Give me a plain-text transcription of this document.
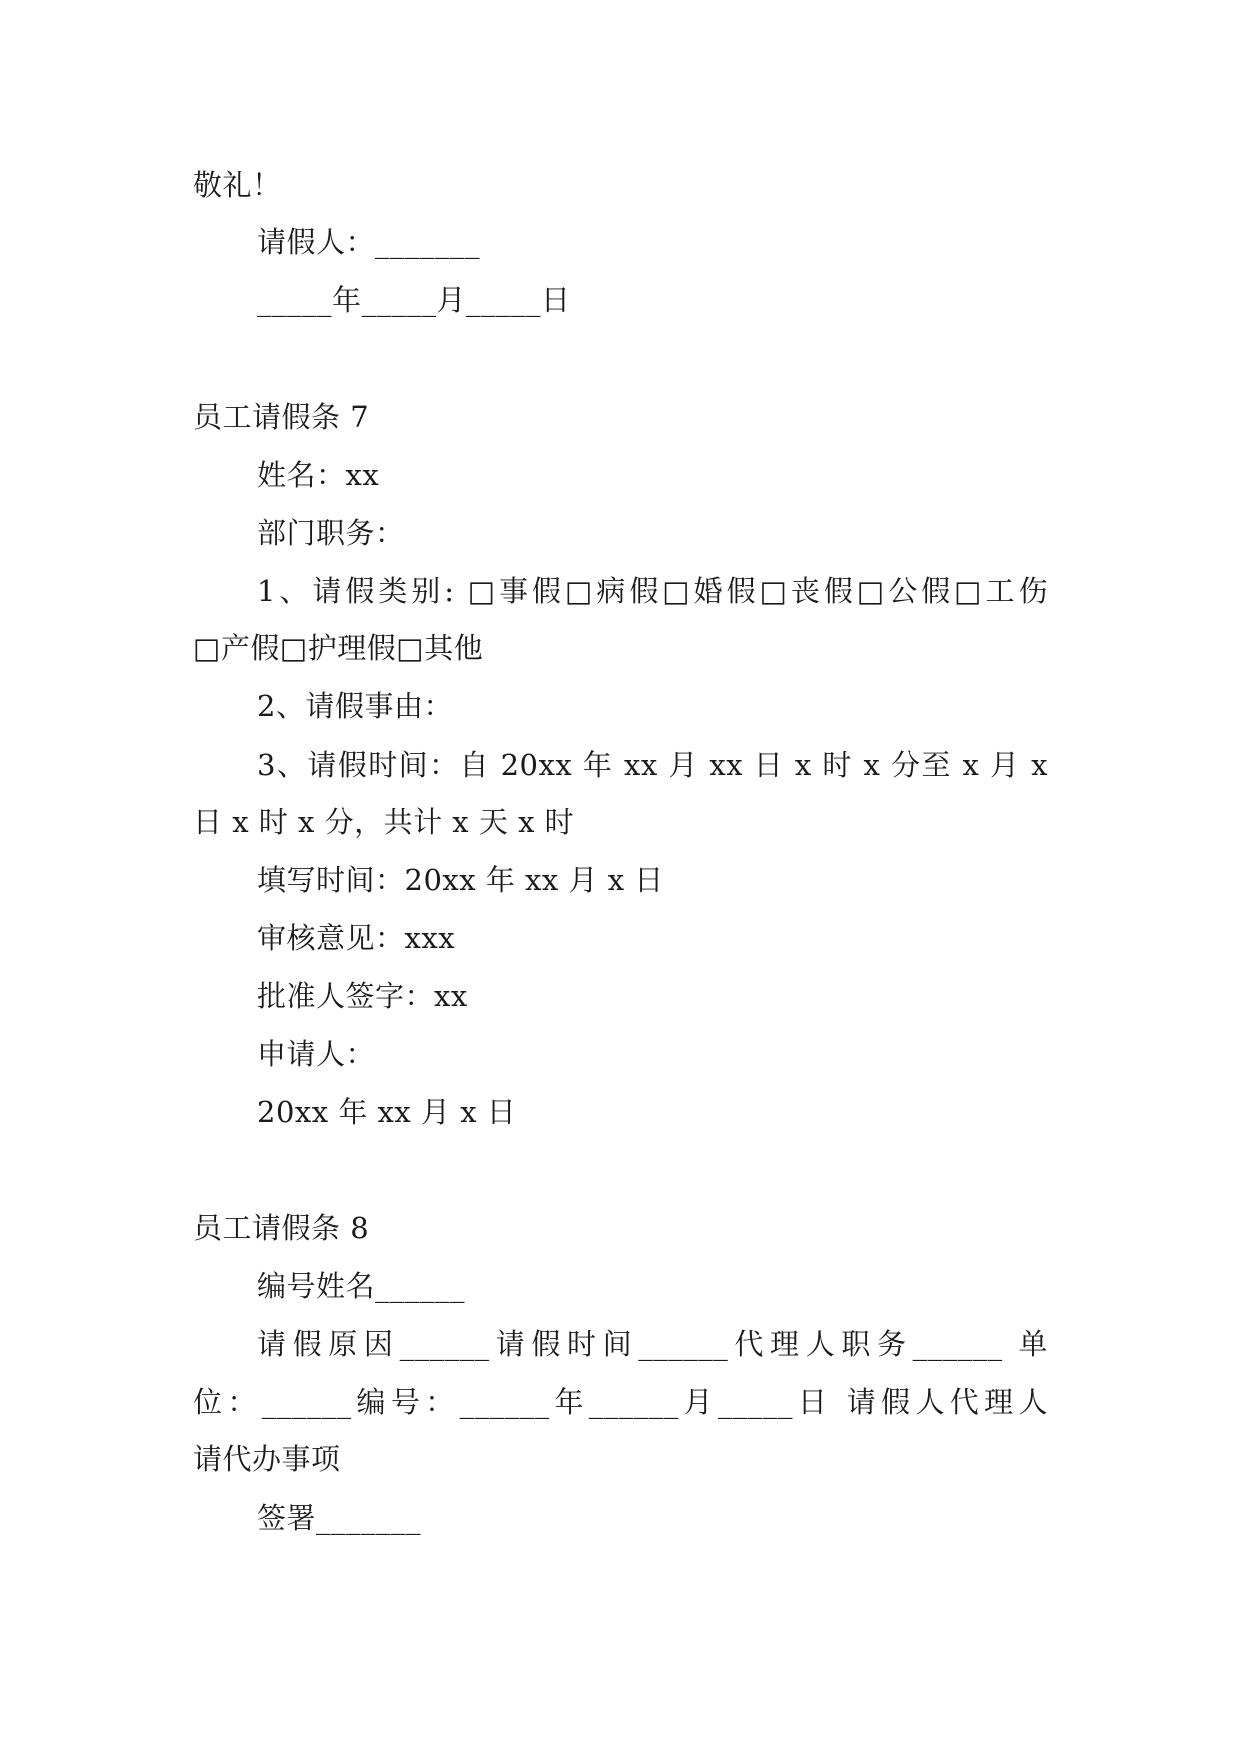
敬礼！
请假人：_______
_____年_____月_____日
员工请假条 7
姓名：xx
部门职务：
1、请假类别: □事假□病假□婚假□丧假□公假□工伤
□产假□护理假□其他
2、请假事由：
3、请假时间：自 20xx 年 xx 月 xx 日 x 时 x 分至 x 月 x
日 x 时 x 分，共计 x 天 x 时
填写时间：20xx 年 xx 月 x 日
审核意见：xxx
批准人签字：xx
申请人：
20xx 年 xx 月 x 日
员工请假条 8
编号姓名______
请假原因______请假时间______代理人职务______ 单
位：______编号：______年______月_____日 请假人代理人
请代办事项
签署_______
